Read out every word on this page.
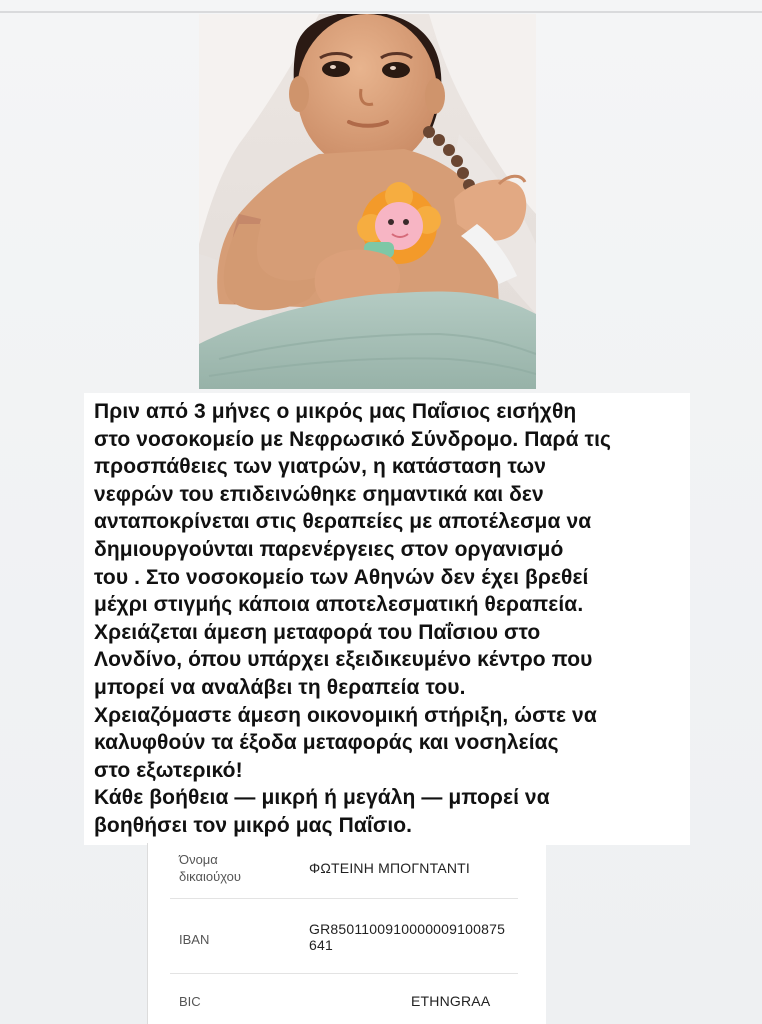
Πριν από 3 μήνες ο μικρός μας Παΐσιος εισήχθη
στο νοσοκομείο με Νεφρωσικό Σύνδρομο. Παρά τις
προσπάθειες των γιατρών, η κατάσταση των
νεφρών του επιδεινώθηκε σημαντικά και δεν
ανταποκρίνεται στις θεραπείες με αποτέλεσμα να
δημιουργούνται παρενέργειες στον οργανισμό
του . Στο νοσοκομείο των Αθηνών δεν έχει βρεθεί
μέχρι στιγμής κάποια αποτελεσματική θεραπεία.
Χρειάζεται άμεση μεταφορά του Παΐσιου στο
Λονδίνο, όπου υπάρχει εξειδικευμένο κέντρο που
μπορεί να αναλάβει τη θεραπεία του.
Χρειαζόμαστε άμεση οικονομική στήριξη, ώστε να
καλυφθούν τα έξοδα μεταφοράς και νοσηλείας
στο εξωτερικό!
Κάθε βοήθεια — μικρή ή μεγάλη — μπορεί να
βοηθήσει τον μικρό μας Παΐσιο.

Όνομα δικαιούχου
ΦΩΤΕΙΝΗ ΜΠΟΓΝΤΑΝΤΙ
IBAN
GR8501100910000009100875641
BIC	ETHNGRAA
